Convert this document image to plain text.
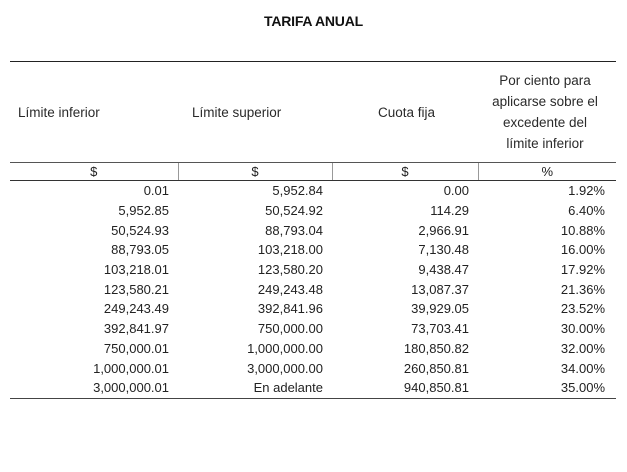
TARIFA ANUAL
Límite inferior	Límite superior	Cuota fija	Por ciento para
aplicarse sobre el
excedente del
límite inferior

$	$	$	%
0.01	5,952.84	0.00	1.92%
5,952.85	50,524.92	114.29	6.40%
50,524.93	88,793.04	2,966.91	10.88%
88,793.05	103,218.00	7,130.48	16.00%
103,218.01	123,580.20	9,438.47	17.92%
123,580.21	249,243.48	13,087.37	21.36%
249,243.49	392,841.96	39,929.05	23.52%
392,841.97	750,000.00	73,703.41	30.00%
750,000.01	1,000,000.00	180,850.82	32.00%
1,000,000.01	3,000,000.00	260,850.81	34.00%
3,000,000.01	En adelante	940,850.81	35.00%
